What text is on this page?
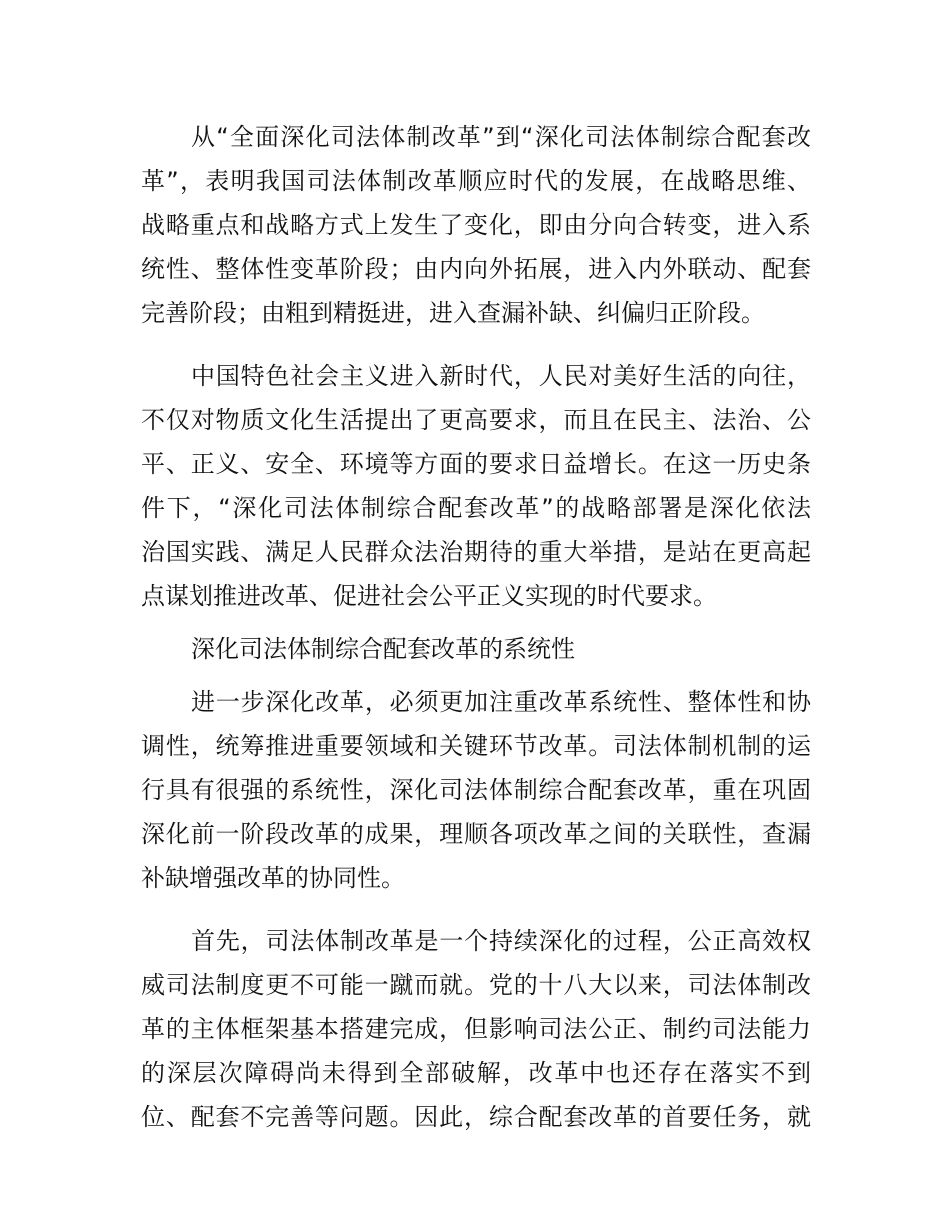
从“全面深化司法体制改革”到“深化司法体制综合配套改
革”，表明我国司法体制改革顺应时代的发展，在战略思维、
战略重点和战略方式上发生了变化，即由分向合转变，进入系
统性、整体性变革阶段；由内向外拓展，进入内外联动、配套
完善阶段；由粗到精挺进，进入查漏补缺、纠偏归正阶段。
中国特色社会主义进入新时代，人民对美好生活的向往，
不仅对物质文化生活提出了更高要求，而且在民主、法治、公
平、正义、安全、环境等方面的要求日益增长。在这一历史条
件下，“深化司法体制综合配套改革”的战略部署是深化依法
治国实践、满足人民群众法治期待的重大举措，是站在更高起
点谋划推进改革、促进社会公平正义实现的时代要求。
深化司法体制综合配套改革的系统性
进一步深化改革，必须更加注重改革系统性、整体性和协
调性，统筹推进重要领域和关键环节改革。司法体制机制的运
行具有很强的系统性，深化司法体制综合配套改革，重在巩固
深化前一阶段改革的成果，理顺各项改革之间的关联性，查漏
补缺增强改革的协同性。
首先，司法体制改革是一个持续深化的过程，公正高效权
威司法制度更不可能一蹴而就。党的十八大以来，司法体制改
革的主体框架基本搭建完成，但影响司法公正、制约司法能力
的深层次障碍尚未得到全部破解，改革中也还存在落实不到
位、配套不完善等问题。因此，综合配套改革的首要任务，就
